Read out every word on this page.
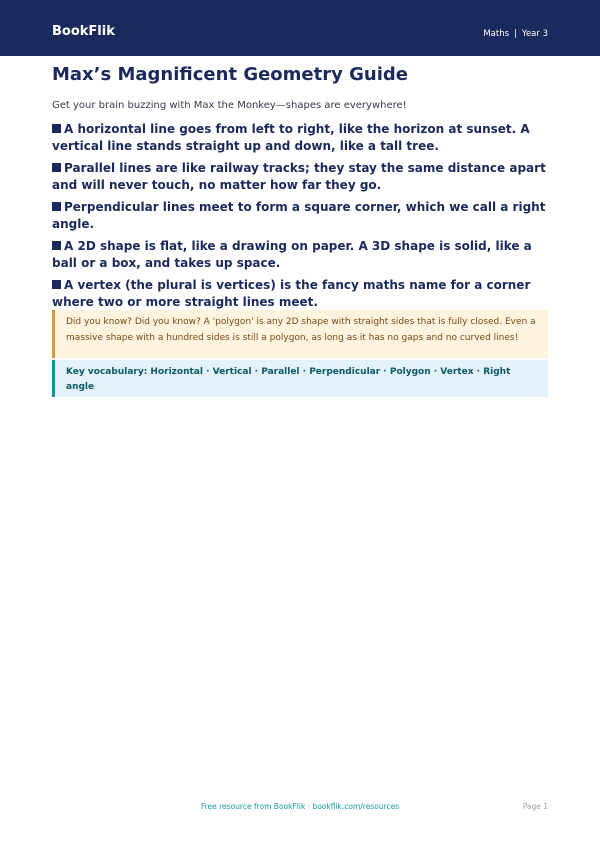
BookFlik	Maths | Year 3
Max’s Magnificent Geometry Guide

Get your brain buzzing with Max the Monkey—shapes are everywhere!

A horizontal line goes from left to right, like the horizon at sunset. A vertical line stands straight up and down, like a tall tree.
Parallel lines are like railway tracks; they stay the same distance apart and will never touch, no matter how far they go.
Perpendicular lines meet to form a square corner, which we call a right angle.
A 2D shape is flat, like a drawing on paper. A 3D shape is solid, like a ball or a box, and takes up space.
A vertex (the plural is vertices) is the fancy maths name for a corner where two or more straight lines meet.
Did you know? Did you know? A 'polygon' is any 2D shape with straight sides that is fully closed. Even a massive shape with a hundred sides is still a polygon, as long as it has no gaps and no curved lines!
Key vocabulary: Horizontal · Vertical · Parallel · Perpendicular · Polygon · Vertex · Right angle
Free resource from BookFlik · bookflik.com/resources	Page 1
